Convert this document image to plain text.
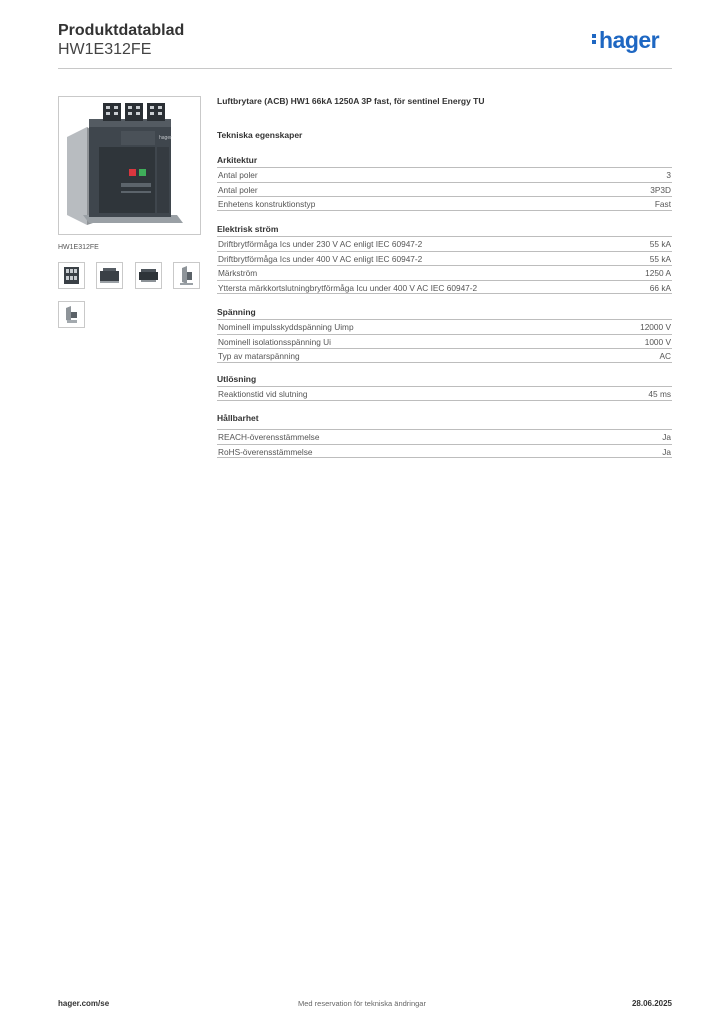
Produktdatablad
HW1E312FE	hager
hager
HW1E312FE
Luftbrytare (ACB) HW1 66kA 1250A 3P fast, för sentinel Energy TU
Tekniska egenskaper
Arkitektur
Antal poler	3
Antal poler	3P3D
Enhetens konstruktionstyp	Fast
Elektrisk ström
Driftbrytförmåga Ics under 230 V AC enligt IEC 60947-2	55 kA
Driftbrytförmåga Ics under 400 V AC enligt IEC 60947-2	55 kA
Märkström	1250 A
Yttersta märkkortslutningbrytförmåga Icu under 400 V AC IEC 60947-2	66 kA
Spänning
Nominell impulsskyddspänning Uimp	12000 V
Nominell isolationsspänning Ui	1000 V
Typ av matarspänning	AC
Utlösning
Reaktionstid vid slutning	45 ms
Hållbarhet
REACH-överensstämmelse	Ja
RoHS-överensstämmelse	Ja
hager.com/se	Med reservation för tekniska ändringar	28.06.2025
